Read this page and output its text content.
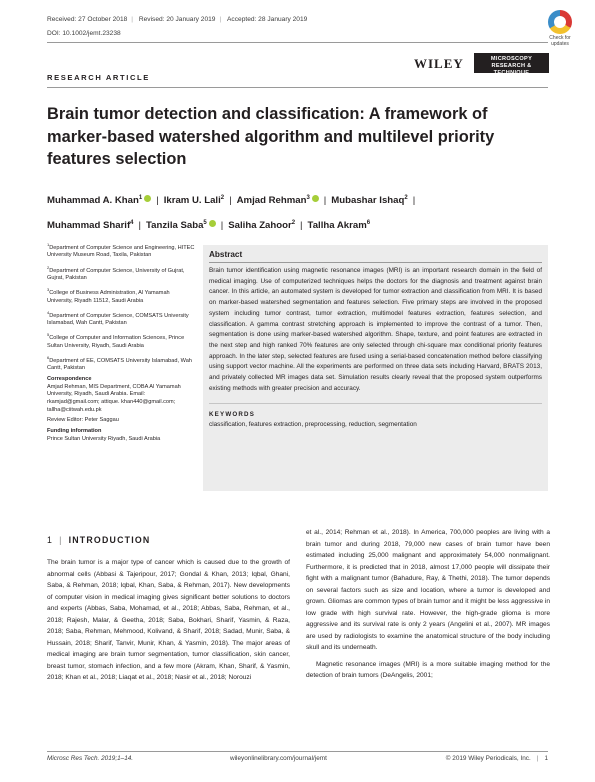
Received: 27 October 2018 | Revised: 20 January 2019 | Accepted: 28 January 2019
DOI: 10.1002/jemt.23238
Check for
updates
RESEARCH ARTICLE
WILEY	MICROSCOPY
RESEARCH & TECHNIQUE
Brain tumor detection and classification: A framework of marker-based watershed algorithm and multilevel priority features selection
Muhammad A. Khan$^1$ | Ikram U. Lali$^2$ | Amjad Rehman$^3$ | Mubashar Ishaq$^2$ |
Muhammad Sharif$^4$ | Tanzila Saba$^5$ | Saliha Zahoor$^2$ | Tallha Akram$^6$

$^1$Department of Computer Science and Engineering, HITEC University Museum Road, Taxila, Pakistan

$^2$Department of Computer Science, University of Gujrat, Gujrat, Pakistan

$^3$College of Business Administration, Al Yamamah University, Riyadh 11512, Saudi Arabia

$^4$Department of Computer Science, COMSATS University Islamabad, Wah Cantt, Pakistan

$^5$College of Computer and Information Sciences, Prince Sultan University, Riyadh, Saudi Arabia

$^6$Department of EE, COMSATS University Islamabad, Wah Cantt, Pakistan

Correspondence

Amjad Rehman, MIS Department, COBA Al Yamamah University, Riyadh, Saudi Arabia. Email: rkamjad@gmail.com; attique. khan440@gmail.com; tallha@ciitwah.edu.pk

Review Editor: Peter Saggau

Funding information

Prince Sultan University Riyadh, Saudi Arabia

Abstract
Brain tumor identification using magnetic resonance images (MRI) is an important research domain in the field of medical imaging. Use of computerized techniques helps the doctors for the diagnosis and treatment against brain cancer. In this article, an automated system is developed for tumor extraction and classification from MRI. It is based on marker-based watershed segmentation and features selection. Five primary steps are involved in the proposed system including tumor contrast, tumor extraction, multimodel features extraction, features selection, and classification. A gamma contrast stretching approach is implemented to improve the contrast of a tumor. Then, segmentation is done using marker-based watershed algorithm. Shape, texture, and point features are extracted in the next step and high ranked 70% features are only selected through chi-square max conditional priority features approach. In the later step, selected features are fused using a serial-based concatenation method before classifying using support vector machine. All the experiments are performed on three data sets including Harvard, BRATS 2013, and privately collected MR images data set. Simulation results clearly reveal that the proposed system outperforms existing methods with greater precision and accuracy.
KEYWORDS
classification, features extraction, preprocessing, reduction, segmentation
1 | INTRODUCTION
The brain tumor is a major type of cancer which is caused due to the growth of abnormal cells (Abbasi & Tajeripour, 2017; Gondal & Khan, 2013; Iqbal, Ghani, Saba, & Rehman, 2018; Iqbal, Khan, Saba, & Rehman, 2017). New developments of computer vision in medical imaging gives significant better solutions to doctors and experts (Abbas, Saba, Mohamad, et al., 2018; Abbas, Saba, Rehman, et al., 2018; Rajesh, Malar, & Geetha, 2018; Saba, Bokhari, Sharif, Yasmin, & Raza, 2018; Saba, Rehman, Mehmood, Kolivand, & Sharif, 2018; Sadad, Munir, Saba, & Hussain, 2018; Sharif, Tanvir, Munir, Khan, & Yasmin, 2018). The major areas of medical imaging are brain tumor segmentation, tumor classification, skin cancer, breast tumor, stomach infection, and a few more (Akram, Khan, Sharif, & Yasmin, 2018; Khan et al., 2018; Liaqat et al., 2018; Nasir et al., 2018; Norouzi

et al., 2014; Rehman et al., 2018). In America, 700,000 peoples are living with a brain tumor and during 2018, 79,000 new cases of brain tumor have been estimated including 25,000 malignant and approximately 54,000 nonmalignant. Furthermore, it is predicted that in 2018, almost 17,000 people will dissipate their fight with a malignant tumor (Bahadure, Ray, & Thethi, 2018). The tumor depends on several factors such as size and location, where a tumor is developed and grown. Gliomas are common types of brain tumor and it might be less aggressive in low grade with high survival rate. However, the high-grade glioma is more aggressive and its survival rate is only 2 years (Angelini et al., 2007). MR images are used by radiologists to examine the anatomical structure of the body including skull and its underneath.

Magnetic resonance images (MRI) is a more suitable imaging method for the detection of brain tumors (DeAngelis, 2001;

Microsc Res Tech. 2019;1–14.	wileyonlinelibrary.com/journal/jemt	© 2019 Wiley Periodicals, Inc. | 1
